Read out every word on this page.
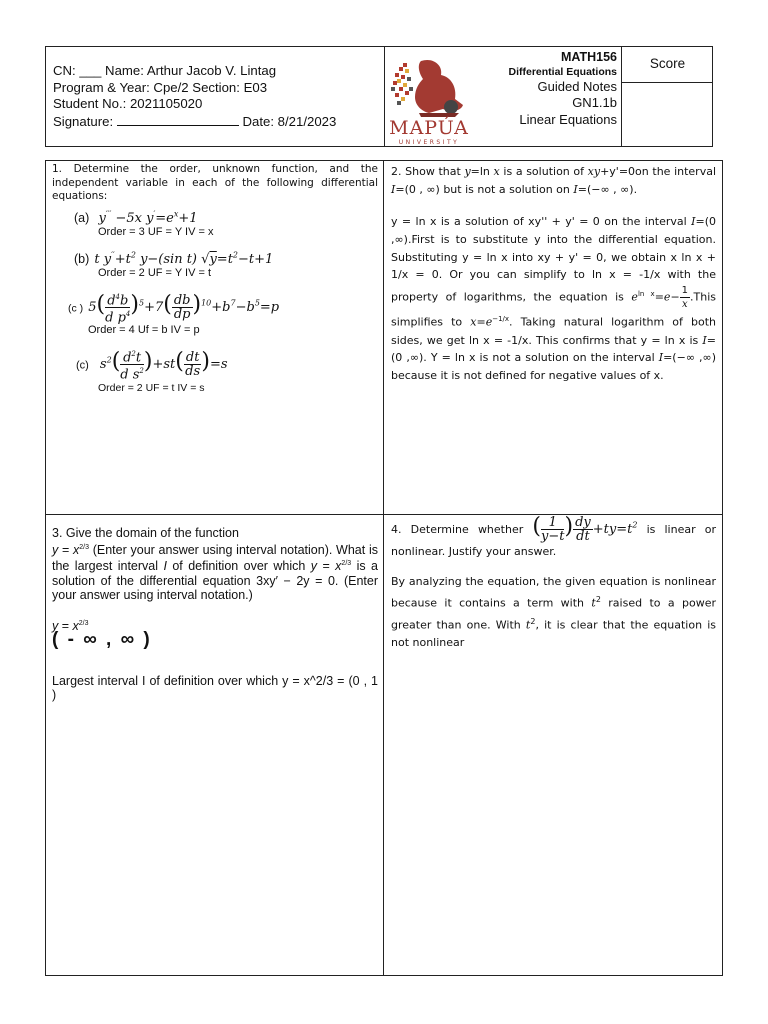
CN: ___ Name: Arthur Jacob V. Lintag
Program & Year: Cpe/2 Section: E03
Student No.: 2021105020
Signature:	Date: 8/21/2023	MAPÚA
UNIVERSITY
MATH156
Differential Equations
Guided Notes
GN1.1b
Linear Equations
Score

1. Determine the order, unknown function, and the independent variable in each of the following differential equations:

(a)  y′′′ −5x $y'=e^x+1$
Order = 3 UF = Y IV = x
(b) t $y''+t^2$ y−(sin t) $√y=t^2-t+1$
Order = 2 UF = Y IV = t
(c ) $5( \frac{d^4b}{d p^4} )^5+7( \frac{db}{dp} )^{10}+b^7-b^5=p$
Order = 4 Uf = b IV = p
(c) $s^2( \frac{d^2t}{d s^2} )+st( \frac{dt}{ds} )=s$
Order = 2 UF = t IV = s

2. Show that y=ln x is a solution of xy+y'=0on the interval I=(0 , ∞) but is not a solution on I=(−∞ , ∞).

y = ln x is a solution of xy'' + y' = 0 on the interval I=(0 ,∞).First is to substitute y into the differential equation. Substituting y = ln x into xy + y' = 0, we obtain x ln x + 1/x = 0. Or you can simplify to ln x = -1/x with the property of logarithms, the equation is $e^{ln x}=e- \frac{1}{x}$ .This simplifies to $x=e^{-1/x}$. Taking natural logarithm of both sides, we get ln x = -1/x. This confirms that y = ln x is I=(0 ,∞). Y = ln x is not a solution on the interval I=(−∞ ,∞) because it is not defined for negative values of x.

3. Give the domain of the function
$y = x^{2/3}$ (Enter your answer using interval notation). What is the largest interval I of definition over which $y = x^{2/3}$ is a solution of the differential equation 3xy′ − 2y = 0. (Enter your answer using interval notation.)

$y = x^{2/3}$

( - ∞ , ∞ )

Largest interval I of definition over which y = x^2/3 = (0 , 1 )

4. Determine whether ( $\frac{1}{y-t}$ ) $\frac{dy}{dt} +ty=t^2$ is linear or nonlinear. Justify your answer.

By analyzing the equation, the given equation is nonlinear because it contains a term with $t^2$ raised to a power greater than one. With $t^2$, it is clear that the equation is not nonlinear
